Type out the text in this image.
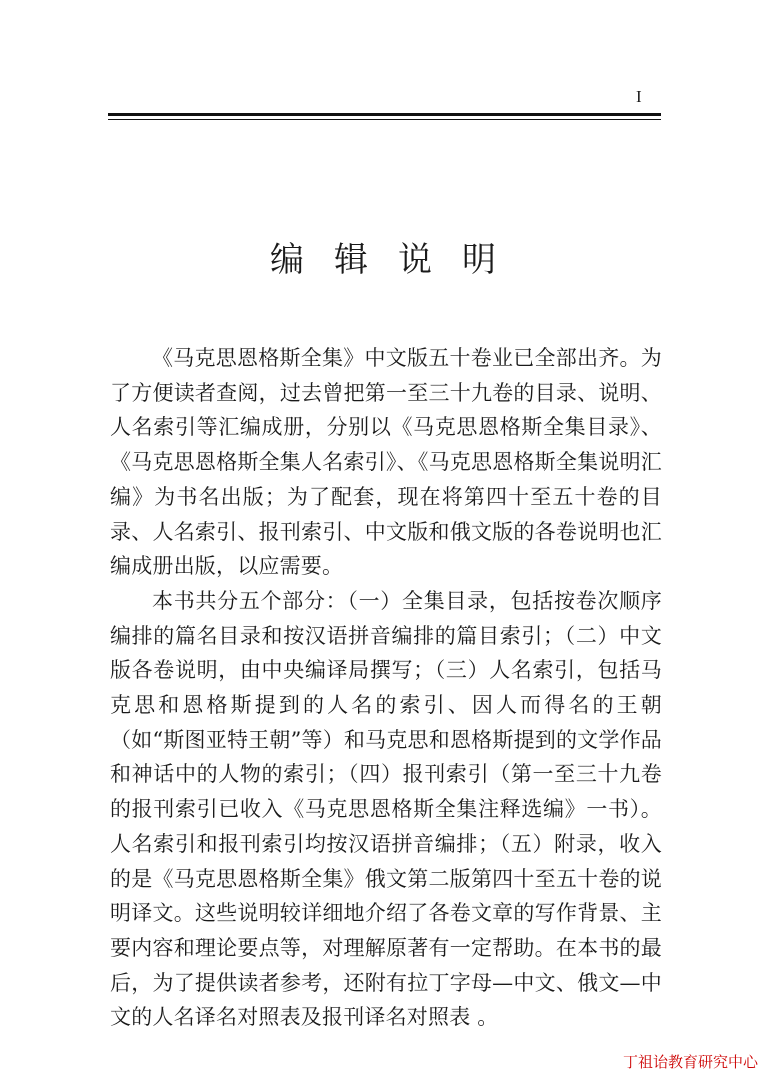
I
编辑说明

《马克思恩格斯全集》中文版五十卷业已全部出齐。为了方便读者查阅，过去曾把第一至三十九卷的目录、说明、人名索引等汇编成册，分别以《马克思恩格斯全集目录》、《马克思恩格斯全集人名索引》、《马克思恩格斯全集说明汇编》为书名出版；为了配套，现在将第四十至五十卷的目录、人名索引、报刊索引、中文版和俄文版的各卷说明也汇编成册出版，以应需要。

本书共分五个部分：（一）全集目录，包括按卷次顺序编排的篇名目录和按汉语拼音编排的篇目索引；（二）中文版各卷说明，由中央编译局撰写；（三）人名索引，包括马克思和恩格斯提到的人名的索引、因人而得名的王朝（如“斯图亚特王朝”等）和马克思和恩格斯提到的文学作品和神话中的人物的索引；（四）报刊索引（第一至三十九卷的报刊索引已收入《马克思恩格斯全集注释选编》一书）。人名索引和报刊索引均按汉语拼音编排；（五）附录，收入的是《马克思恩格斯全集》俄文第二版第四十至五十卷的说明译文。这些说明较详细地介绍了各卷文章的写作背景、主要内容和理论要点等，对理解原著有一定帮助。在本书的最后，为了提供读者参考，还附有拉丁字母—中文、俄文—中文的人名译名对照表及报刊译名对照表 。

丁祖诒教育研究中心
